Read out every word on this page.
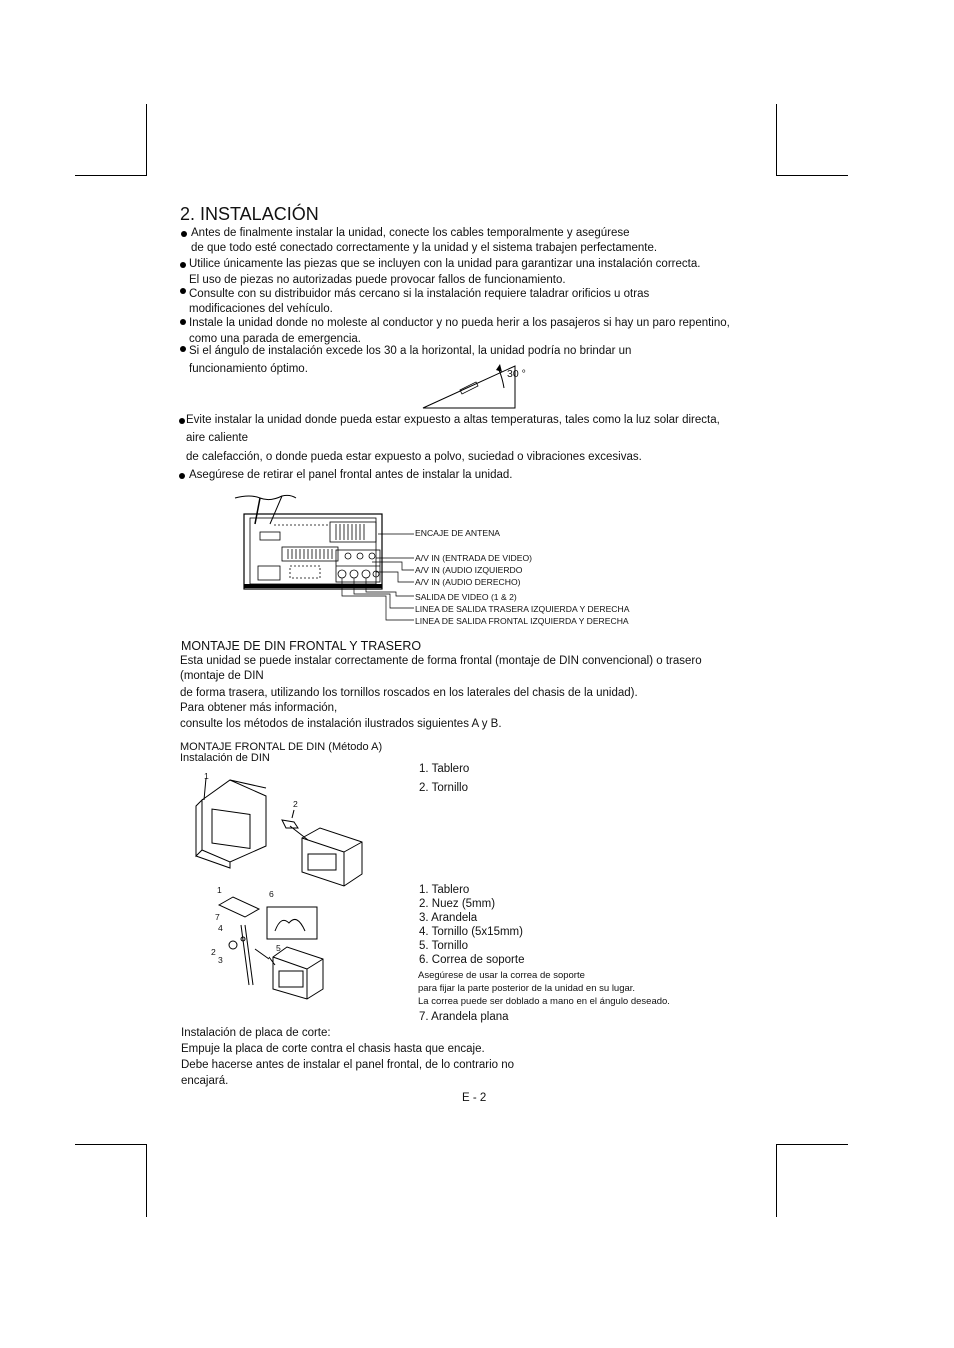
2. INSTALACIÓN
Antes de finalmente instalar la unidad, conecte los cables temporalmente y asegúrese
de que todo esté conectado correctamente y la unidad y el sistema trabajen perfectamente.
Utilice únicamente las piezas que se incluyen con la unidad para garantizar una instalación correcta.
El uso de piezas no autorizadas puede provocar fallos de funcionamiento.
Consulte con su distribuidor más cercano si la instalación requiere taladrar orificios u otras
modificaciones del vehículo.
Instale la unidad donde no moleste al conductor y no pueda herir a los pasajeros si hay un paro repentino,
como una parada de emergencia.
Si el ángulo de instalación excede los 30 a la horizontal, la unidad podría no brindar un
funcionamiento óptimo.	30 °
Evite instalar la unidad donde pueda estar expuesto a altas temperaturas, tales como la luz solar directa,
aire caliente
de calefacción, o donde pueda estar expuesto a polvo, suciedad o vibraciones excesivas.
Asegúrese de retirar el panel frontal antes de instalar la unidad.
ENCAJE DE ANTENA
A/V IN (ENTRADA DE VIDEO)
A/V IN (AUDIO IZQUIERDO
A/V IN (AUDIO DERECHO)
SALIDA DE VIDEO (1 & 2)
LINEA DE SALIDA TRASERA IZQUIERDA Y DERECHA
LINEA DE SALIDA FRONTAL IZQUIERDA Y DERECHA
MONTAJE DE DIN FRONTAL Y TRASERO
Esta unidad se puede instalar correctamente de forma frontal (montaje de DIN convencional) o trasero
(montaje de DIN
de forma trasera, utilizando los tornillos roscados en los laterales del chasis de la unidad).
Para obtener más información,
consulte los métodos de instalación ilustrados siguientes A y B.
MONTAJE FRONTAL DE DIN (Método A)
Instalación de DIN
1
2
1. Tablero
2. Tornillo
1	6
7
4
2
3
5
1. Tablero
2. Nuez (5mm)
3. Arandela
4. Tornillo (5x15mm)
5. Tornillo
6. Correa de soporte
Asegúrese de usar la correa de soporte
para fijar la parte posterior de la unidad en su lugar.
La correa puede ser doblado a mano en el ángulo deseado.
7. Arandela plana
Instalación de placa de corte:
Empuje la placa de corte contra el chasis hasta que encaje.
Debe hacerse antes de instalar el panel frontal, de lo contrario no
encajará.
E - 2
